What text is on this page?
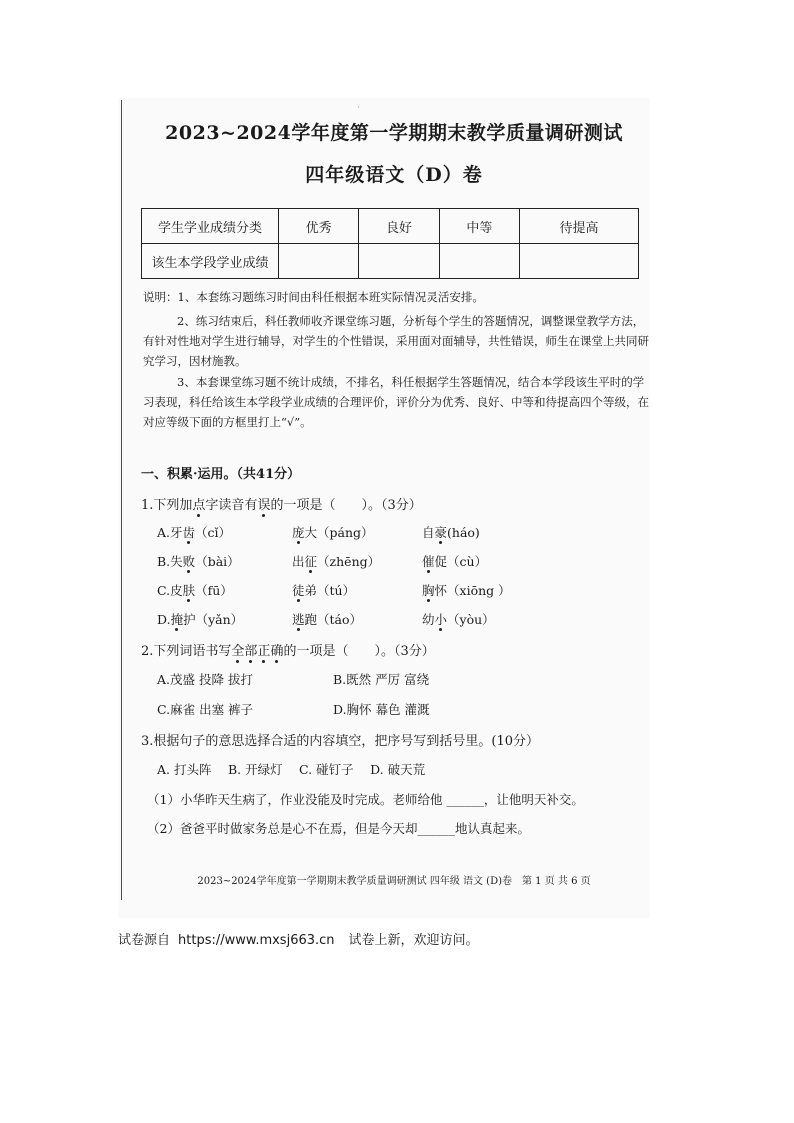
'
2023~2024学年度第一学期期末教学质量调研测试
四年级语文（D）卷
学生学业成绩分类	优秀	良好	中等	待提高
该生本学段学业成绩				
说明：1、本套练习题练习时间由科任根据本班实际情况灵活安排。
2、练习结束后，科任教师收齐课堂练习题，分析每个学生的答题情况，调整课堂教学方法，有针对性地对学生进行辅导，对学生的个性错误，采用面对面辅导，共性错误，师生在课堂上共同研究学习，因材施教。
3、本套课堂练习题不统计成绩，不排名，科任根据学生答题情况，结合本学段该生平时的学习表现，科任给该生本学段学业成绩的合理评价，评价分为优秀、良好、中等和待提高四个等级，在对应等级下面的方框里打上“√”。
一、积累·运用。（共41分）
1.下列加点字读音有误的一项是（　　）。（3分）
A.牙齿（cǐ）	庞大（páng）	自豪(háo)
B.失败（bài）	出征（zhēng）	催促（cù）
C.皮肤（fū）	徒弟（tú）	胸怀（xiōng ）
D.掩护（yǎn）	逃跑（táo）	幼小（yòu）
2.下列词语书写全部正确的一项是（　　）。（3分）
A.茂盛 投降 拔打	B.既然 严厉 富绕
C.麻雀 出塞 裤子	D.胸怀 幕色 灌溉
3.根据句子的意思选择合适的内容填空，把序号写到括号里。(10分）
A. 打头阵　 B. 开绿灯　 C. 碰钉子　 D. 破天荒
（1）小华昨天生病了，作业没能及时完成。老师给他 ______，让他明天补交。
（2）爸爸平时做家务总是心不在焉，但是今天却______地认真起来。
2023~2024学年度第一学期期末教学质量调研测试 四年级 语文 (D)卷　第 1 页 共 6 页
试卷源自 https://www.mxsj663.cn 试卷上新，欢迎访问。
